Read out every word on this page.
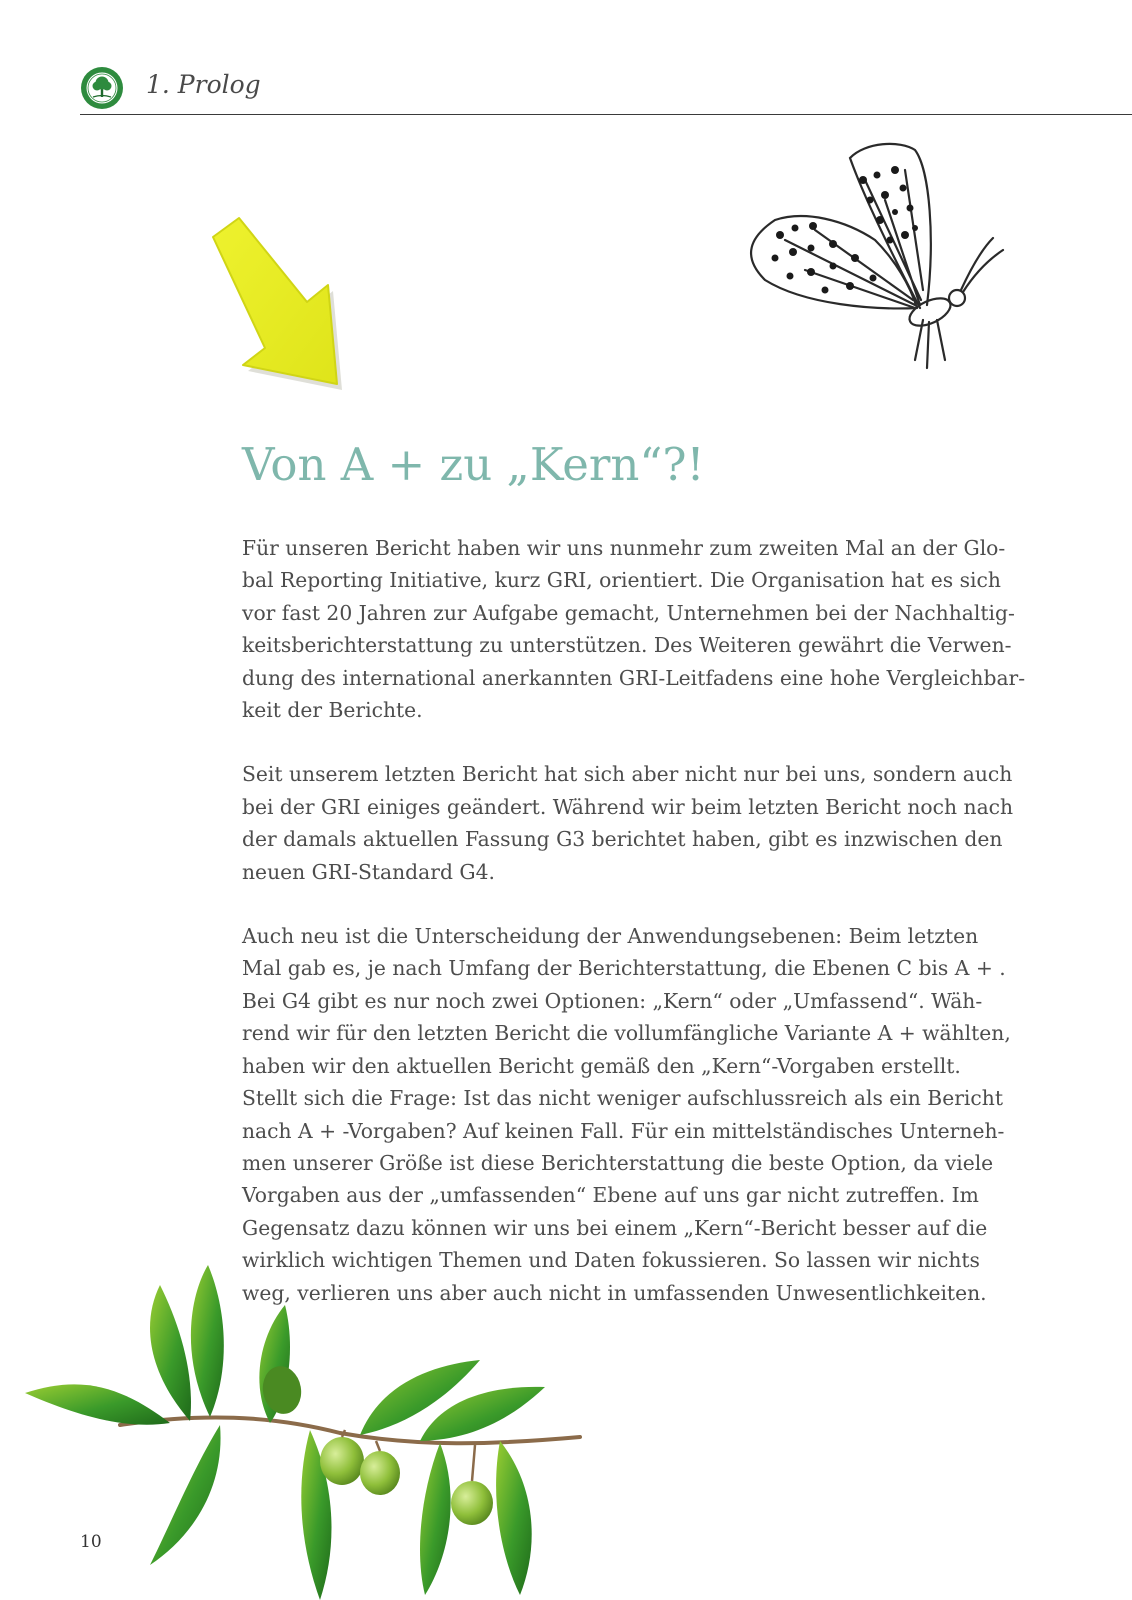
1. Prolog
Von A + zu „Kern“?!

Für unseren Bericht haben wir uns nunmehr zum zweiten Mal an der Glo-
bal Reporting Initiative, kurz GRI, orientiert. Die Organisation hat es sich
vor fast 20 Jahren zur Aufgabe gemacht, Unternehmen bei der Nachhaltig-
keitsberichterstattung zu unterstützen. Des Weiteren gewährt die Verwen-
dung des international anerkannten GRI-Leitfadens eine hohe Vergleichbar-
keit der Berichte.

Seit unserem letzten Bericht hat sich aber nicht nur bei uns, sondern auch
bei der GRI einiges geändert. Während wir beim letzten Bericht noch nach
der damals aktuellen Fassung G3 berichtet haben, gibt es inzwischen den
neuen GRI-Standard G4.

Auch neu ist die Unterscheidung der Anwendungsebenen: Beim letzten
Mal gab es, je nach Umfang der Berichterstattung, die Ebenen C bis A + .
Bei G4 gibt es nur noch zwei Optionen: „Kern“ oder „Umfassend“. Wäh-
rend wir für den letzten Bericht die vollumfängliche Variante A + wählten,
haben wir den aktuellen Bericht gemäß den „Kern“-Vorgaben erstellt.
Stellt sich die Frage: Ist das nicht weniger aufschlussreich als ein Bericht
nach A + -Vorgaben? Auf keinen Fall. Für ein mittelständisches Unterneh-
men unserer Größe ist diese Berichterstattung die beste Option, da viele
Vorgaben aus der „umfassenden“ Ebene auf uns gar nicht zutreffen. Im
Gegensatz dazu können wir uns bei einem „Kern“-Bericht besser auf die
wirklich wichtigen Themen und Daten fokussieren. So lassen wir nichts
weg, verlieren uns aber auch nicht in umfassenden Unwesentlichkeiten.

10
